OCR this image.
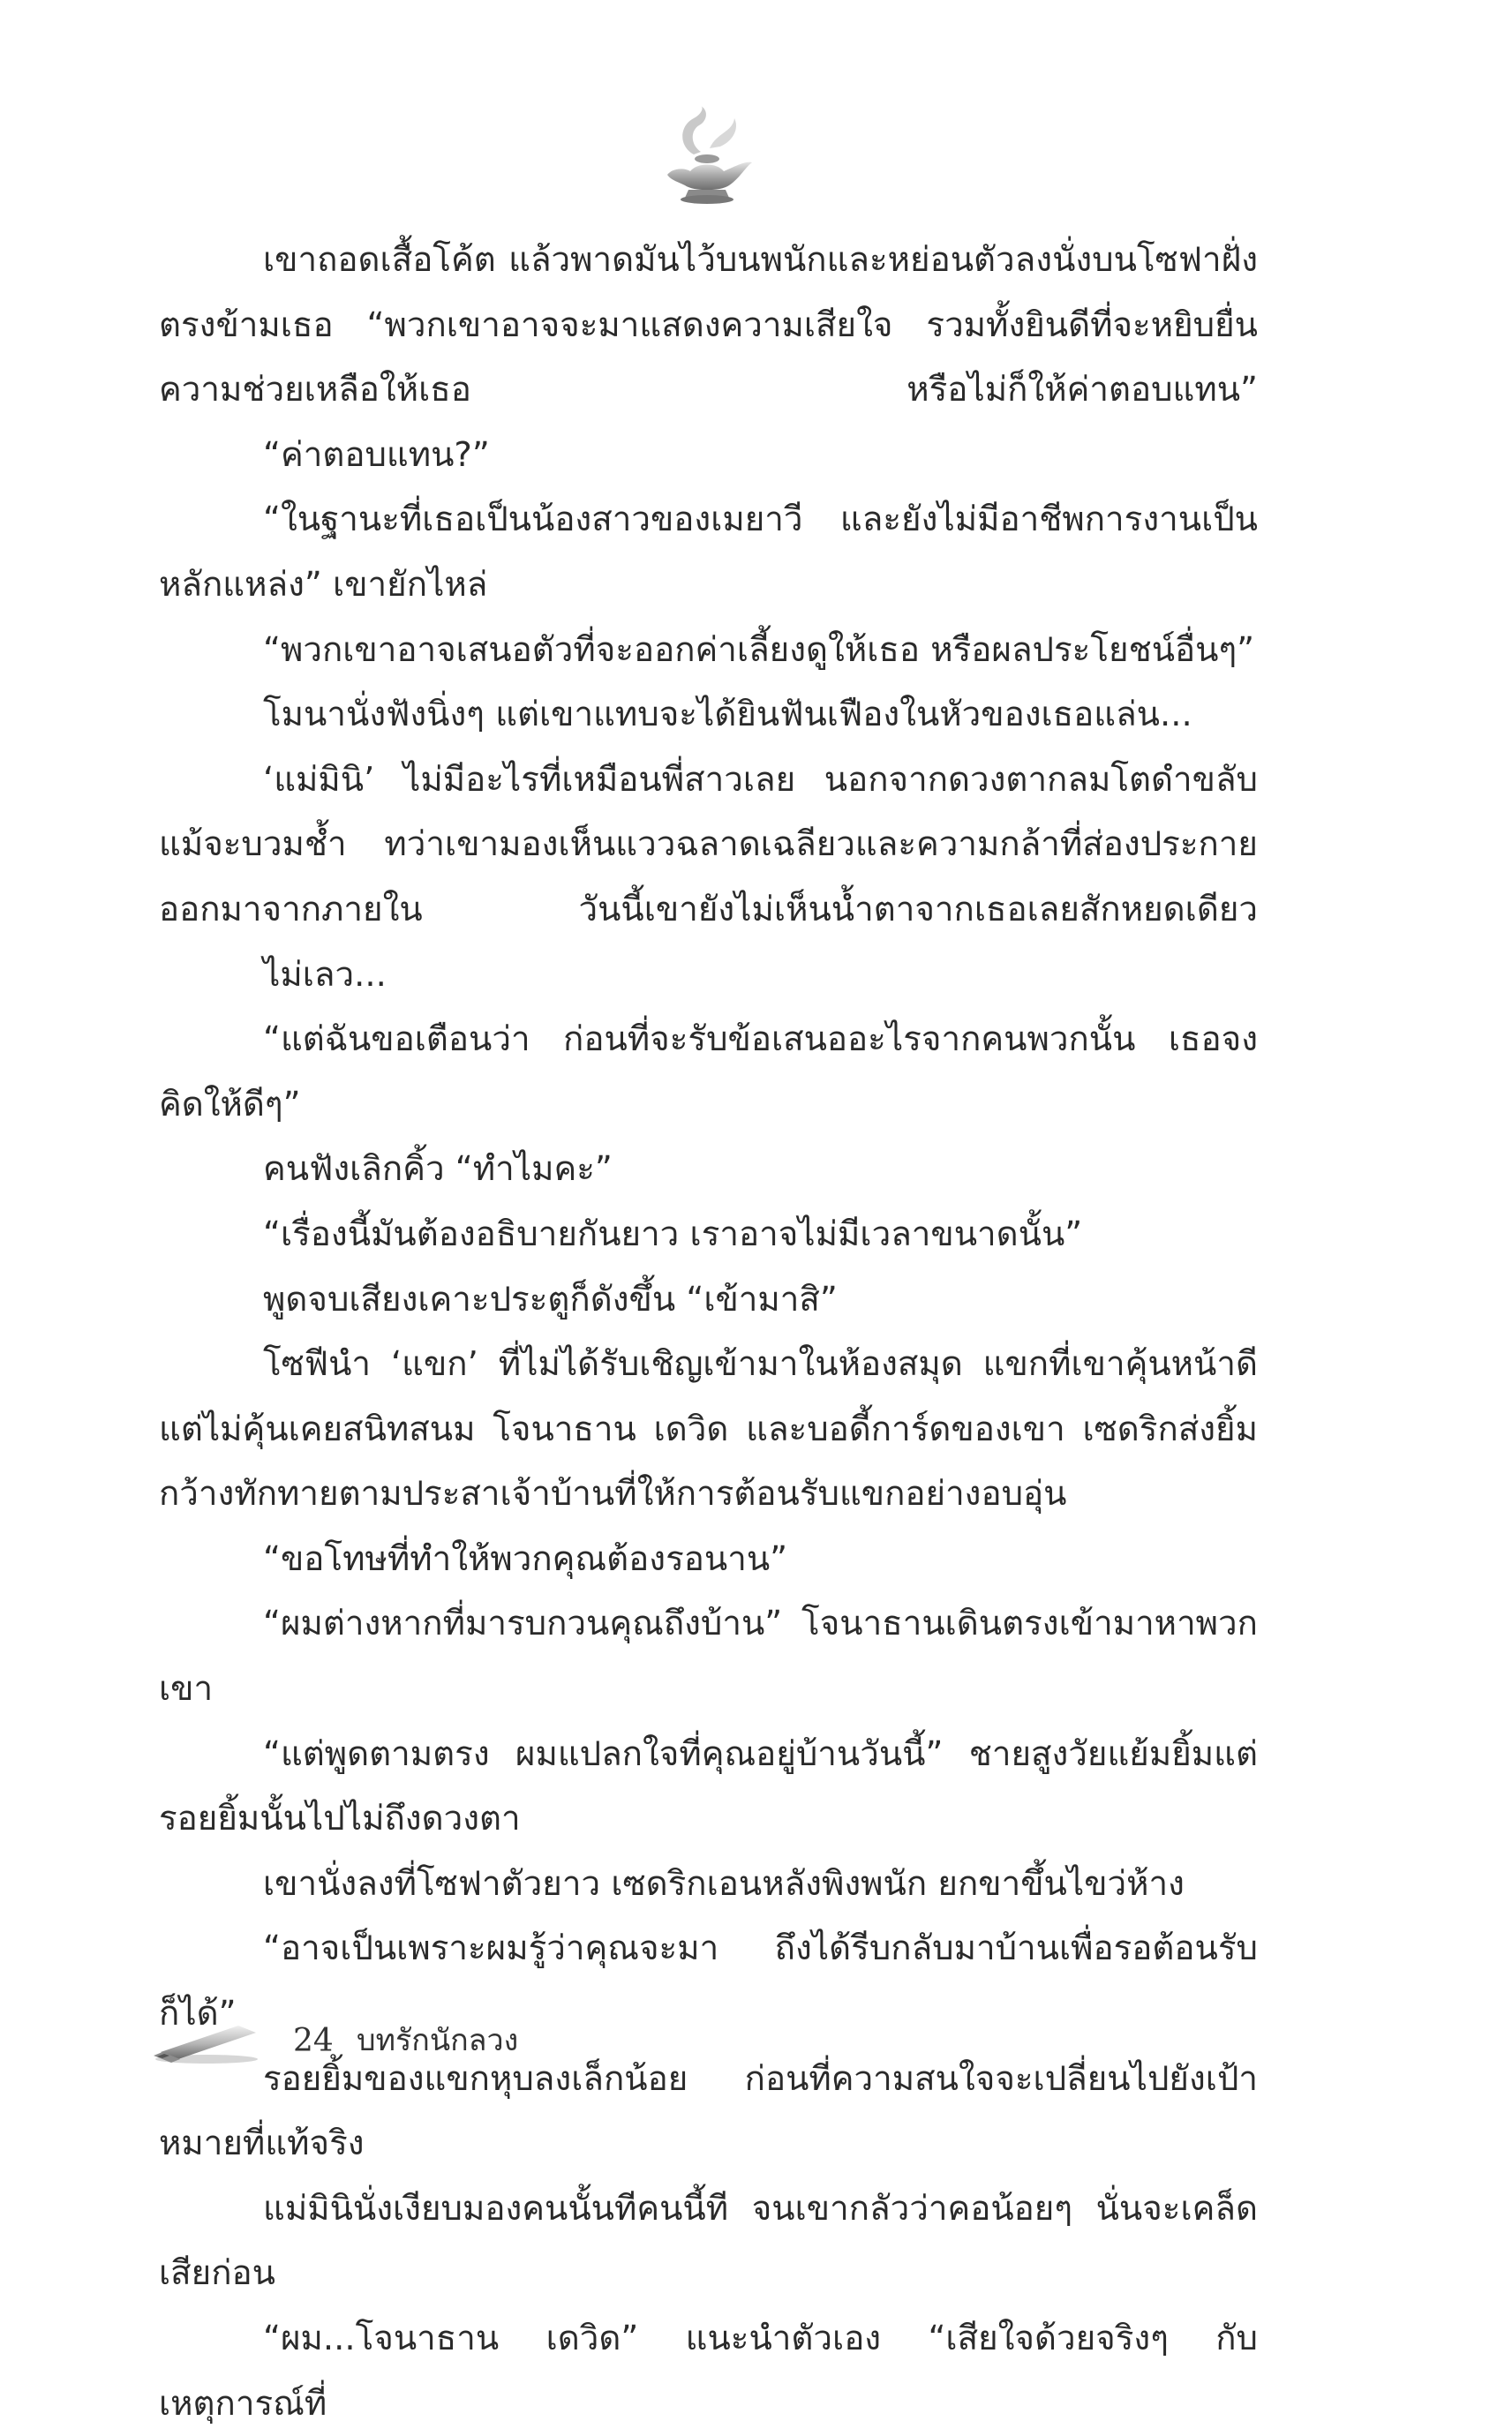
เขาถอดเสื้อโค้ต แล้วพาดมันไว้บนพนักและหย่อนตัวลงนั่งบนโซฟาฝั่งตรงข้ามเธอ “พวกเขาอาจจะมาแสดงความเสียใจ รวมทั้งยินดีที่จะหยิบยื่นความช่วยเหลือให้เธอ หรือไม่ก็ให้ค่าตอบแทน”

“ค่าตอบแทน?”

“ในฐานะที่เธอเป็นน้องสาวของเมยาวี และยังไม่มีอาชีพการงานเป็นหลักแหล่ง” เขายักไหล่

“พวกเขาอาจเสนอตัวที่จะออกค่าเลี้ยงดูให้เธอ หรือผลประโยชน์อื่นๆ”

โมนานั่งฟังนิ่งๆ แต่เขาแทบจะได้ยินฟันเฟืองในหัวของเธอแล่น...

‘แม่มินิ’ ไม่มีอะไรที่เหมือนพี่สาวเลย นอกจากดวงตากลมโตดำขลับ แม้จะบวมช้ำ ทว่าเขามองเห็นแววฉลาดเฉลียวและความกล้าที่ส่องประกายออกมาจากภายใน วันนี้เขายังไม่เห็นน้ำตาจากเธอเลยสักหยดเดียว

ไม่เลว...

“แต่ฉันขอเตือนว่า ก่อนที่จะรับข้อเสนออะไรจากคนพวกนั้น เธอจงคิดให้ดีๆ”

คนฟังเลิกคิ้ว “ทำไมคะ”

“เรื่องนี้มันต้องอธิบายกันยาว เราอาจไม่มีเวลาขนาดนั้น”

พูดจบเสียงเคาะประตูก็ดังขึ้น “เข้ามาสิ”

โซฟีนำ ‘แขก’ ที่ไม่ได้รับเชิญเข้ามาในห้องสมุด แขกที่เขาคุ้นหน้าดีแต่ไม่คุ้นเคยสนิทสนม โจนาธาน เดวิด และบอดี้การ์ดของเขา เซดริกส่งยิ้มกว้างทักทายตามประสาเจ้าบ้านที่ให้การต้อนรับแขกอย่างอบอุ่น

“ขอโทษที่ทำให้พวกคุณต้องรอนาน”

“ผมต่างหากที่มารบกวนคุณถึงบ้าน” โจนาธานเดินตรงเข้ามาหาพวกเขา

“แต่พูดตามตรง ผมแปลกใจที่คุณอยู่บ้านวันนี้” ชายสูงวัยแย้มยิ้มแต่รอยยิ้มนั้นไปไม่ถึงดวงตา

เขานั่งลงที่โซฟาตัวยาว เซดริกเอนหลังพิงพนัก ยกขาขึ้นไขว่ห้าง

“อาจเป็นเพราะผมรู้ว่าคุณจะมา ถึงได้รีบกลับมาบ้านเพื่อรอต้อนรับก็ได้”

รอยยิ้มของแขกหุบลงเล็กน้อย ก่อนที่ความสนใจจะเปลี่ยนไปยังเป้าหมายที่แท้จริง

แม่มินินั่งเงียบมองคนนั้นทีคนนี้ที จนเขากลัวว่าคอน้อยๆ นั่นจะเคล็ดเสียก่อน

“ผม...โจนาธาน เดวิด” แนะนำตัวเอง “เสียใจด้วยจริงๆ กับเหตุการณ์ที่

24 บทรักนักลวง
